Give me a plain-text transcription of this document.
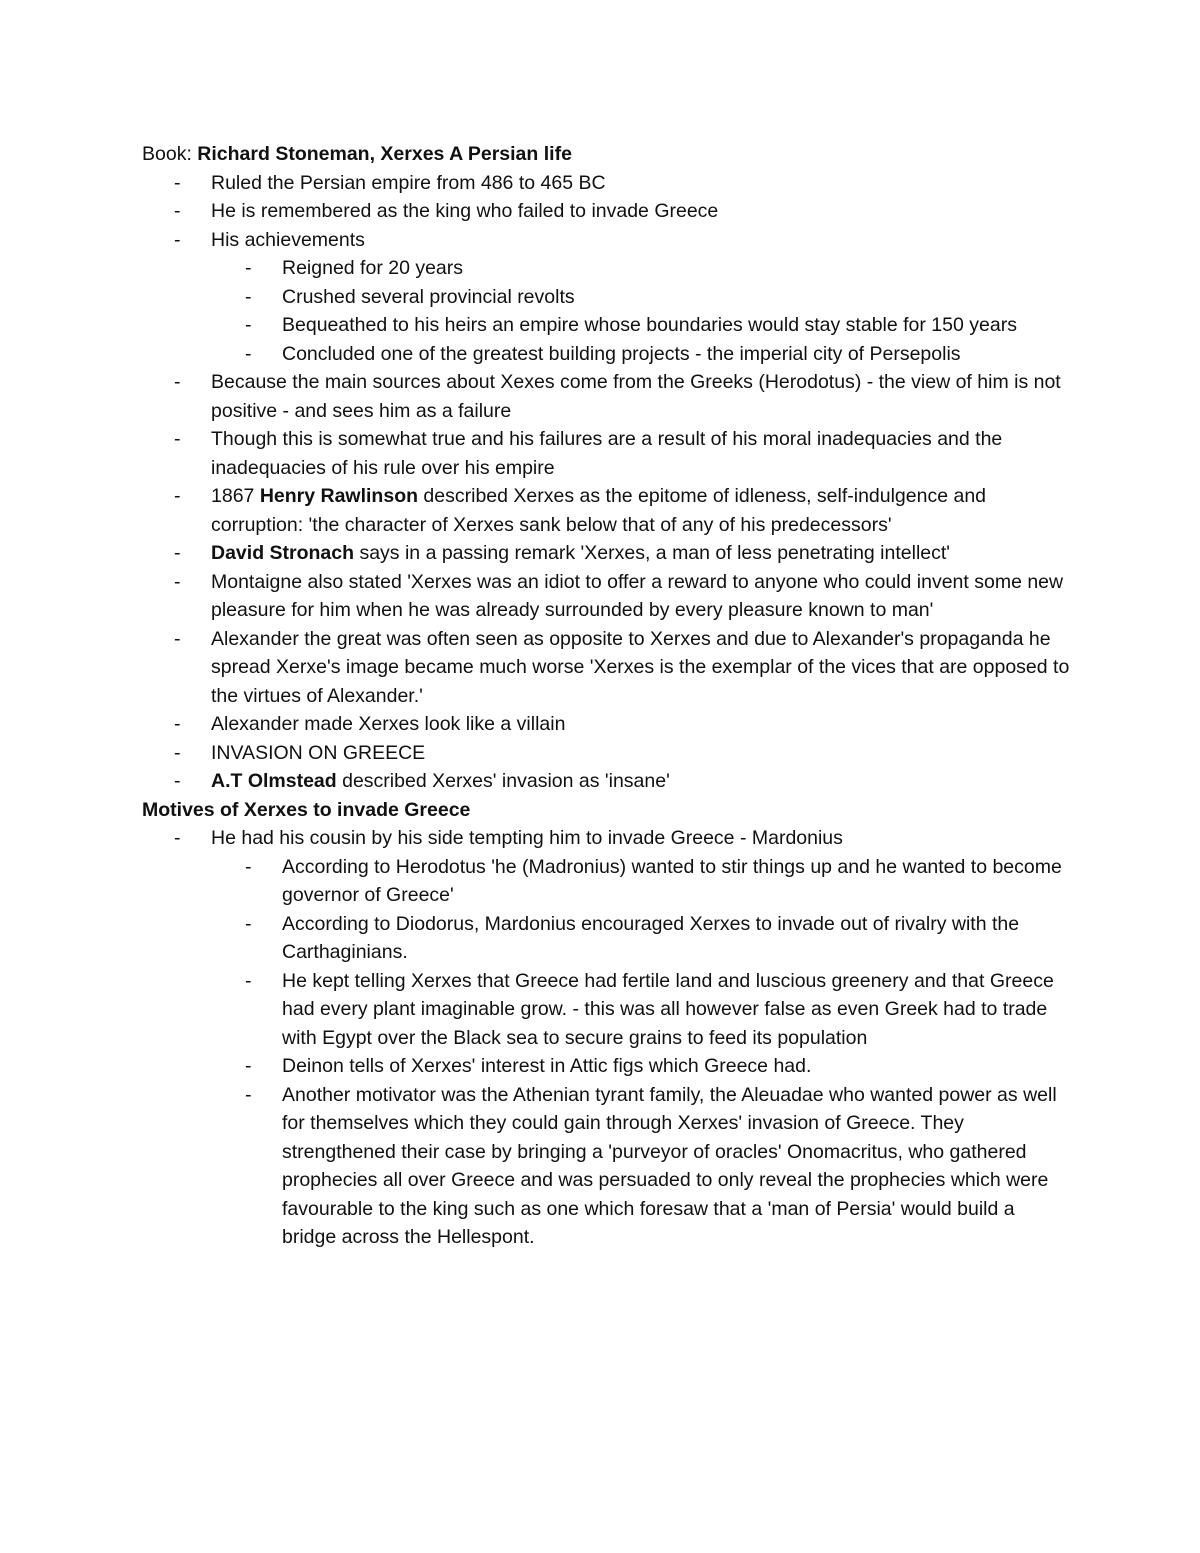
Book: Richard Stoneman, Xerxes A Persian life

-	Ruled the Persian empire from 486 to 465 BC
-	He is remembered as the king who failed to invade Greece
-	His achievements
-	Reigned for 20 years
-	Crushed several provincial revolts
-	Bequeathed to his heirs an empire whose boundaries would stay stable for 150 years
-	Concluded one of the greatest building projects - the imperial city of Persepolis
-	Because the main sources about Xexes come from the Greeks (Herodotus) - the view of him is not positive - and sees him as a failure
-	Though this is somewhat true and his failures are a result of his moral inadequacies and the inadequacies of his rule over his empire
-	1867 Henry Rawlinson described Xerxes as the epitome of idleness, self-indulgence and corruption: 'the character of Xerxes sank below that of any of his predecessors'
-	David Stronach says in a passing remark 'Xerxes, a man of less penetrating intellect'
-	Montaigne also stated 'Xerxes was an idiot to offer a reward to anyone who could invent some new pleasure for him when he was already surrounded by every pleasure known to man'
-	Alexander the great was often seen as opposite to Xerxes and due to Alexander's propaganda he spread Xerxe's image became much worse 'Xerxes is the exemplar of the vices that are opposed to the virtues of Alexander.'
-	Alexander made Xerxes look like a villain
-	INVASION ON GREECE
-	A.T Olmstead described Xerxes' invasion as 'insane'

Motives of Xerxes to invade Greece

-	He had his cousin by his side tempting him to invade Greece - Mardonius
-	According to Herodotus 'he (Madronius) wanted to stir things up and he wanted to become governor of Greece'
-	According to Diodorus, Mardonius encouraged Xerxes to invade out of rivalry with the Carthaginians.
-	He kept telling Xerxes that Greece had fertile land and luscious greenery and that Greece had every plant imaginable grow. - this was all however false as even Greek had to trade with Egypt over the Black sea to secure grains to feed its population
-	Deinon tells of Xerxes' interest in Attic figs which Greece had.
-	Another motivator was the Athenian tyrant family, the Aleuadae who wanted power as well for themselves which they could gain through Xerxes' invasion of Greece. They strengthened their case by bringing a 'purveyor of oracles' Onomacritus, who gathered prophecies all over Greece and was persuaded to only reveal the prophecies which were favourable to the king such as one which foresaw that a 'man of Persia' would build a bridge across the Hellespont.
